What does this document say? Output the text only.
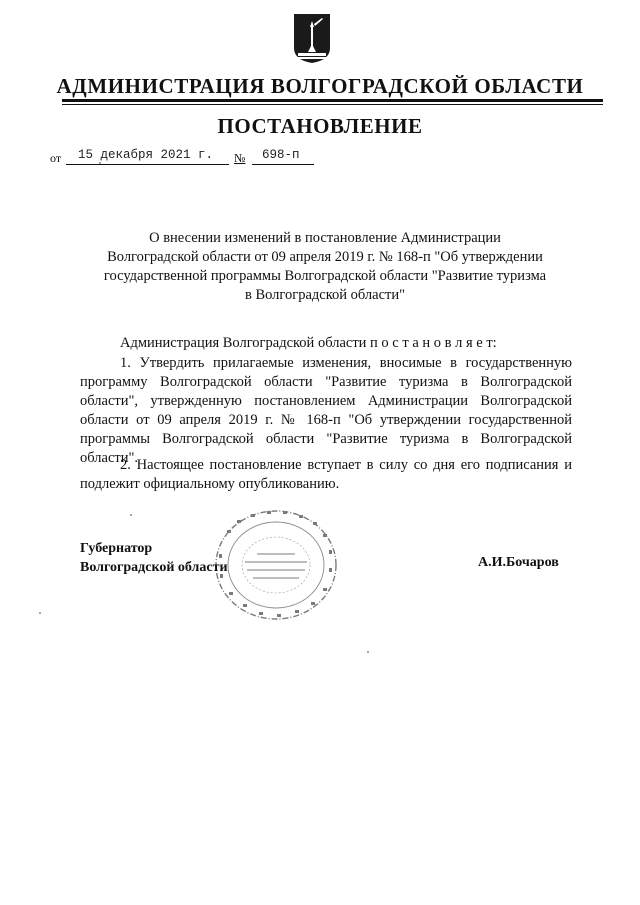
АДМИНИСТРАЦИЯ ВОЛГОГРАДСКОЙ ОБЛАСТИ
ПОСТАНОВЛЕНИЕ
от 15 декабря 2021 г. № 698-п
О внесении изменений в постановление Администрации
Волгоградской области от 09 апреля 2019 г. № 168-п "Об утверждении
государственной программы Волгоградской области "Развитие туризма
в Волгоградской области"
Администрация Волгоградской области п о с т а н о в л я е т:
1. Утвердить прилагаемые изменения, вносимые в государственную программу Волгоградской области "Развитие туризма в Волгоградской области", утвержденную постановлением Администрации Волгоградской области от 09 апреля 2019 г. № 168-п "Об утверждении государственной программы Волгоградской области "Развитие туризма в Волгоградской области".
2. Настоящее постановление вступает в силу со дня его подписания и подлежит официальному опубликованию.
Губернатор
Волгоградской области	А.И.Бочаров
